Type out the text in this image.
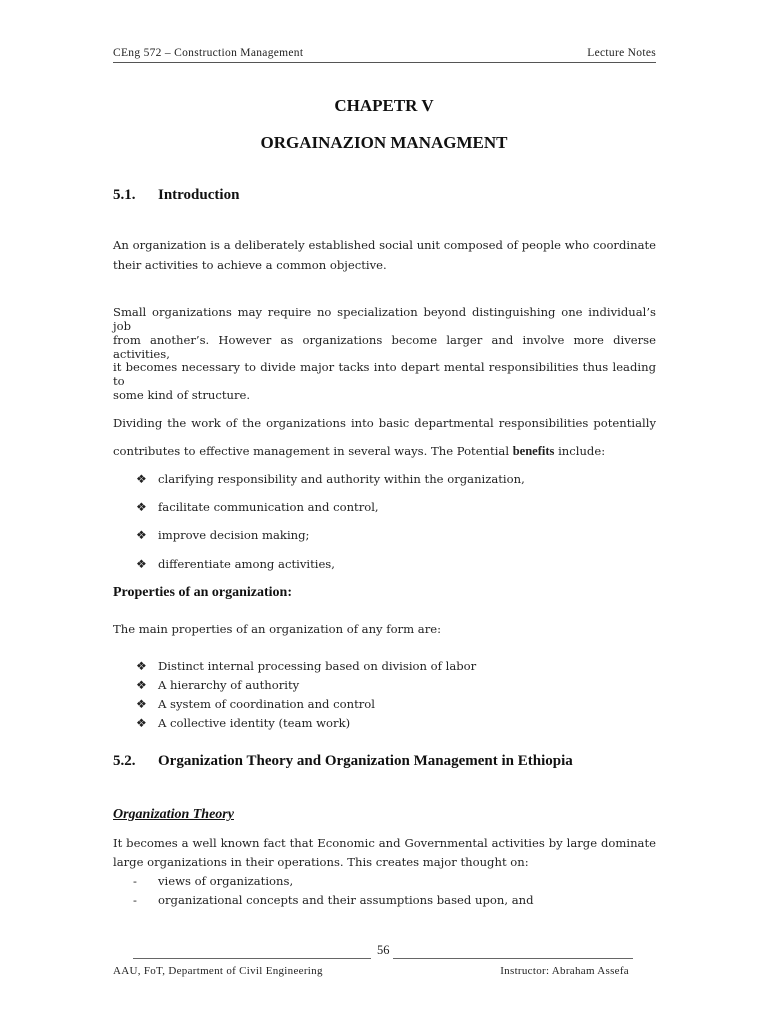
CEng 572 – Construction Management	Lecture Notes
CHAPETR V
ORGAINAZION MANAGMENT
5.1. Introduction
An organization is a deliberately established social unit composed of people who coordinate
their activities to achieve a common objective.
Small organizations may require no specialization beyond distinguishing one individual’s job
from another’s. However as organizations become larger and involve more diverse activities,
it becomes necessary to divide major tacks into depart mental responsibilities thus leading to
some kind of structure.
Dividing the work of the organizations into basic departmental responsibilities potentially
contributes to effective management in several ways. The Potential benefits include:
❖ clarifying responsibility and authority within the organization,
❖ facilitate communication and control,
❖ improve decision making;
❖ differentiate among activities,
Properties of an organization:
The main properties of an organization of any form are:
❖ Distinct internal processing based on division of labor
❖ A hierarchy of authority
❖ A system of coordination and control
❖ A collective identity (team work)
5.2. Organization Theory and Organization Management in Ethiopia
Organization Theory
It becomes a well known fact that Economic and Governmental activities by large dominate
large organizations in their operations. This creates major thought on:
- views of organizations,
- organizational concepts and their assumptions based upon, and
56
AAU, FoT, Department of Civil Engineering	Instructor: Abraham Assefa
